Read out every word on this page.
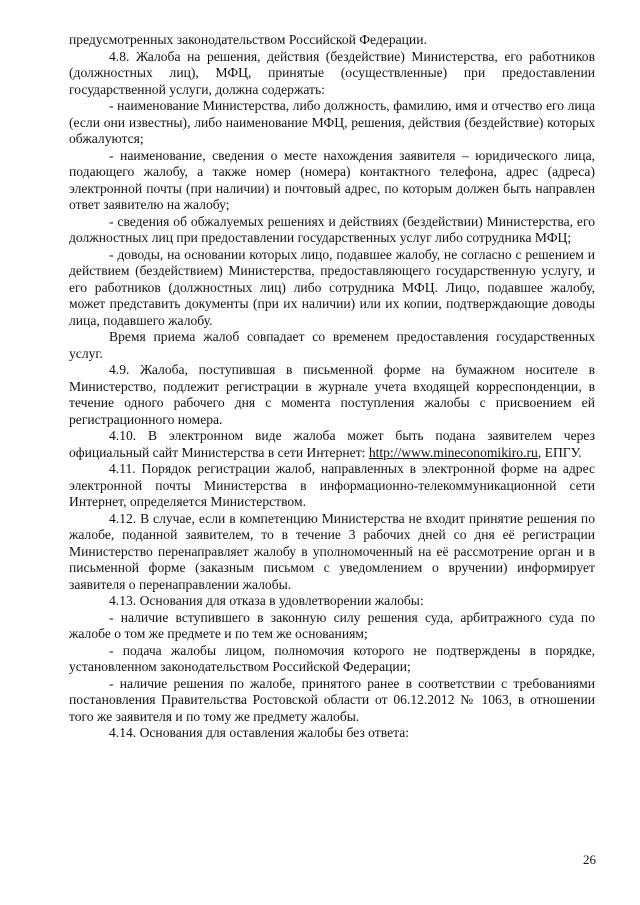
предусмотренных законодательством Российской Федерации.

4.8. Жалоба на решения, действия (бездействие) Министерства, его работников (должностных лиц), МФЦ, принятые (осуществленные) при предоставлении государственной услуги, должна содержать:

- наименование Министерства, либо должность, фамилию, имя и отчество его лица (если они известны), либо наименование МФЦ, решения, действия (бездействие) которых обжалуются;

- наименование, сведения о месте нахождения заявителя – юридического лица, подающего жалобу, а также номер (номера) контактного телефона, адрес (адреса) электронной почты (при наличии) и почтовый адрес, по которым должен быть направлен ответ заявителю на жалобу;

- сведения об обжалуемых решениях и действиях (бездействии) Министерства, его должностных лиц при предоставлении государственных услуг либо сотрудника МФЦ;

- доводы, на основании которых лицо, подавшее жалобу, не согласно с решением и действием (бездействием) Министерства, предоставляющего государственную услугу, и его работников (должностных лиц) либо сотрудника МФЦ. Лицо, подавшее жалобу, может представить документы (при их наличии) или их копии, подтверждающие доводы лица, подавшего жалобу.

Время приема жалоб совпадает со временем предоставления государственных услуг.

4.9. Жалоба, поступившая в письменной форме на бумажном носителе в Министерство, подлежит регистрации в журнале учета входящей корреспонденции, в течение одного рабочего дня с момента поступления жалобы с присвоением ей регистрационного номера.

4.10. В электронном виде жалоба может быть подана заявителем через официальный сайт Министерства в сети Интернет: http://www.mineconomikiro.ru, ЕПГУ.

4.11. Порядок регистрации жалоб, направленных в электронной форме на адрес электронной почты Министерства в информационно-телекоммуникационной сети Интернет, определяется Министерством.

4.12. В случае, если в компетенцию Министерства не входит принятие решения по жалобе, поданной заявителем, то в течение 3 рабочих дней со дня её регистрации Министерство перенаправляет жалобу в уполномоченный на её рассмотрение орган и в письменной форме (заказным письмом с уведомлением о вручении) информирует заявителя о перенаправлении жалобы.

4.13. Основания для отказа в удовлетворении жалобы:

- наличие вступившего в законную силу решения суда, арбитражного суда по жалобе о том же предмете и по тем же основаниям;

- подача жалобы лицом, полномочия которого не подтверждены в порядке, установленном законодательством Российской Федерации;

- наличие решения по жалобе, принятого ранее в соответствии с требованиями постановления Правительства Ростовской области от 06.12.2012 № 1063, в отношении того же заявителя и по тому же предмету жалобы.

4.14. Основания для оставления жалобы без ответа:

26
